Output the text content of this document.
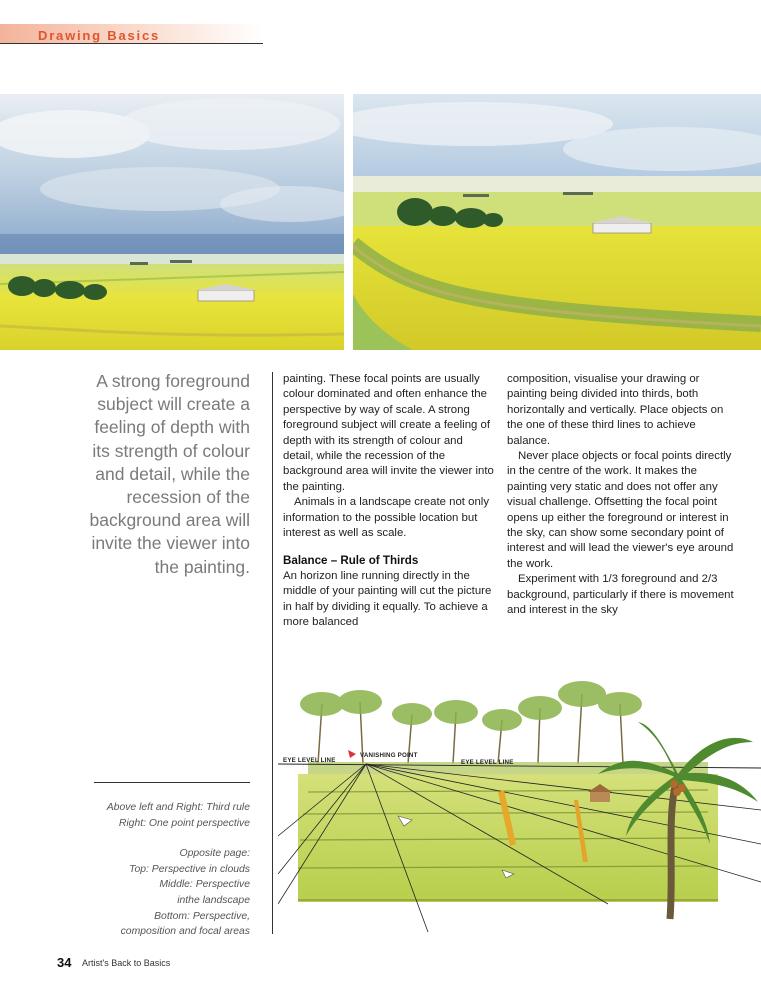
Drawing Basics
A strong foreground subject will create a feeling of depth with its strength of colour and detail, while the recession of the background area will invite the viewer into the painting.

painting. These focal points are usually colour dominated and often enhance the perspective by way of scale. A strong foreground subject will create a feeling of depth with its strength of colour and detail, while the recession of the background area will invite the viewer into the painting.

Animals in a landscape create not only information to the possible location but interest as well as scale.

Balance – Rule of Thirds

An horizon line running directly in the middle of your painting will cut the picture in half by dividing it equally. To achieve a more balanced

composition, visualise your drawing or painting being divided into thirds, both horizontally and vertically. Place objects on the one of these third lines to achieve balance.

Never place objects or focal points directly in the centre of the work. It makes the painting very static and does not offer any visual challenge. Offsetting the focal point opens up either the foreground or interest in the sky, can show some secondary point of interest and will lead the viewer's eye around the work.

Experiment with 1/3 foreground and 2/3 background, particularly if there is movement and interest in the sky

Above left and Right: Third rule

Right: One point perspective

Opposite page:

Top: Perspective in clouds

Middle: Perspective

inthe landscape

Bottom: Perspective,

composition and focal areas

EYE LEVEL LINE
VANISHING POINT
EYE LEVEL LINE
34 Artist's Back to Basics
